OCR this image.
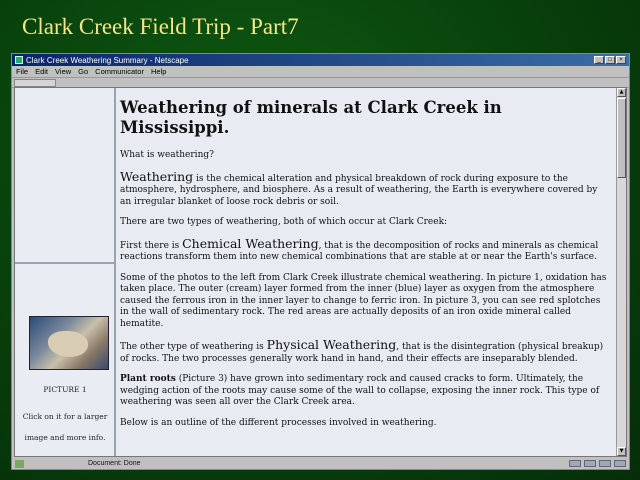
Clark Creek Field Trip - Part7
Clark Creek Weathering Summary - Netscape	_	□	×
File Edit View Go Communicator Help
PICTURE 1
Click on it for a larger image and more info.
Weathering of minerals at Clark Creek in Mississippi.

What is weathering?

Weathering is the chemical alteration and physical breakdown of rock during exposure to the atmosphere, hydrosphere, and biosphere. As a result of weathering, the Earth is everywhere covered by an irregular blanket of loose rock debris or soil.

There are two types of weathering, both of which occur at Clark Creek:

First there is Chemical Weathering, that is the decomposition of rocks and minerals as chemical reactions transform them into new chemical combinations that are stable at or near the Earth's surface.

Some of the photos to the left from Clark Creek illustrate chemical weathering. In picture 1, oxidation has taken place. The outer (cream) layer formed from the inner (blue) layer as oxygen from the atmosphere caused the ferrous iron in the inner layer to change to ferric iron. In picture 3, you can see red splotches in the wall of sedimentary rock. The red areas are actually deposits of an iron oxide mineral called hematite.

The other type of weathering is Physical Weathering, that is the disintegration (physical breakup) of rocks. The two processes generally work hand in hand, and their effects are inseparably blended.

Plant roots (Picture 3) have grown into sedimentary rock and caused cracks to form. Ultimately, the wedging action of the roots may cause some of the wall to collapse, exposing the inner rock. This type of weathering was seen all over the Clark Creek area.

Below is an outline of the different processes involved in weathering.

▲
▼
Document: Done
